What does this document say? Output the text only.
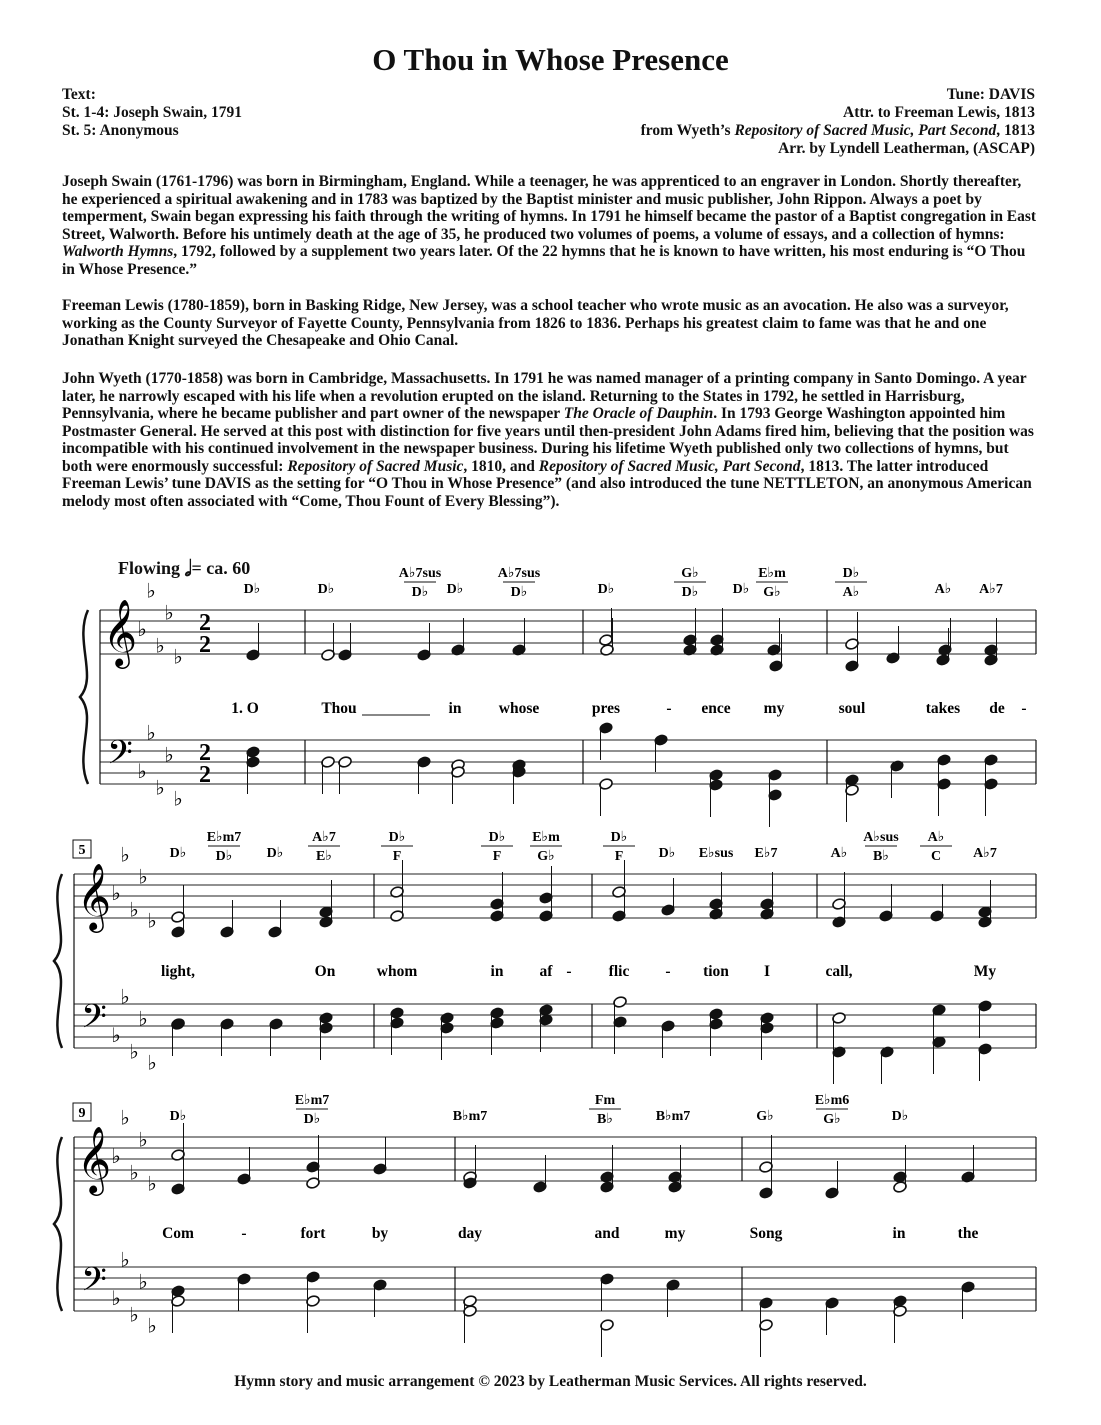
O Thou in Whose Presence
Text:
St. 1-4: Joseph Swain, 1791
St. 5: Anonymous
Tune: DAVIS
Attr. to Freeman Lewis, 1813
from Wyeth’s Repository of Sacred Music, Part Second, 1813
Arr. by Lyndell Leatherman, (ASCAP)

Joseph Swain (1761-1796) was born in Birmingham, England. While a teenager, he was apprenticed to an engraver in London. Shortly thereafter, he experienced a spiritual awakening and in 1783 was baptized by the Baptist minister and music publisher, John Rippon. Always a poet by temperment, Swain began expressing his faith through the writing of hymns. In 1791 he himself became the pastor of a Baptist congregation in East Street, Walworth. Before his untimely death at the age of 35, he produced two volumes of poems, a volume of essays, and a collection of hymns: Walworth Hymns, 1792, followed by a supplement two years later. Of the 22 hymns that he is known to have written, his most enduring is “O Thou in Whose Presence.”

Freeman Lewis (1780-1859), born in Basking Ridge, New Jersey, was a school teacher who wrote music as an avocation. He also was a surveyor, working as the County Surveyor of Fayette County, Pennsylvania from 1826 to 1836. Perhaps his greatest claim to fame was that he and one Jonathan Knight surveyed the Chesapeake and Ohio Canal.

John Wyeth (1770-1858) was born in Cambridge, Massachusetts. In 1791 he was named manager of a printing company in Santo Domingo. A year later, he narrowly escaped with his life when a revolution erupted on the island. Returning to the States in 1792, he settled in Harrisburg, Pennsylvania, where he became publisher and part owner of the newspaper The Oracle of Dauphin. In 1793 George Washington appointed him Postmaster General. He served at this post with distinction for five years until then-president John Adams fired him, believing that the position was incompatible with his continued involvement in the newspaper business. During his lifetime Wyeth published only two collections of hymns, but both were enormously successful: Repository of Sacred Music, 1810, and Repository of Sacred Music, Part Second, 1813. The latter introduced Freeman Lewis’ tune DAVIS as the setting for “O Thou in Whose Presence” (and also introduced the tune NETTLETON, an anonymous American melody most often associated with “Come, Thou Fount of Every Blessing”).

Flowing 𝅗𝅥= ca. 60
𝄞
𝄢
♭
♭
♭
♭
♭
♭
♭
♭
♭
♭
2
2
2
2
D♭	D♭
A♭7sus
D♭ D♭
A♭7sus
D♭	D♭
G♭
D♭ D♭
E♭m
G♭
D♭
A♭	A♭ A♭7
1. O	Thou	in whose	pres	- ence my	soul	takes de -
𝄞
𝄢
♭
♭
♭
♭
♭
♭
♭
♭
♭
♭
5	D♭
E♭m7
D♭ D♭
A♭7
E♭
D♭
F
D♭
F
E♭m
G♭
D♭
F	D♭ E♭sus E♭7	A♭
A♭sus
B♭
A♭
C A♭7
light,	On	whom	in af - flic - tion I	call,	My
𝄞
𝄢
♭
♭
♭
♭
♭
♭
♭
♭
♭
♭
9	D♭
E♭m7
D♭	B♭m7
Fm
B♭	B♭m7	G♭
E♭m6
G♭	D♭
Com	-	fort	by	day	and	my	Song	in	the
Hymn story and music arrangement © 2023 by Leatherman Music Services. All rights reserved.
